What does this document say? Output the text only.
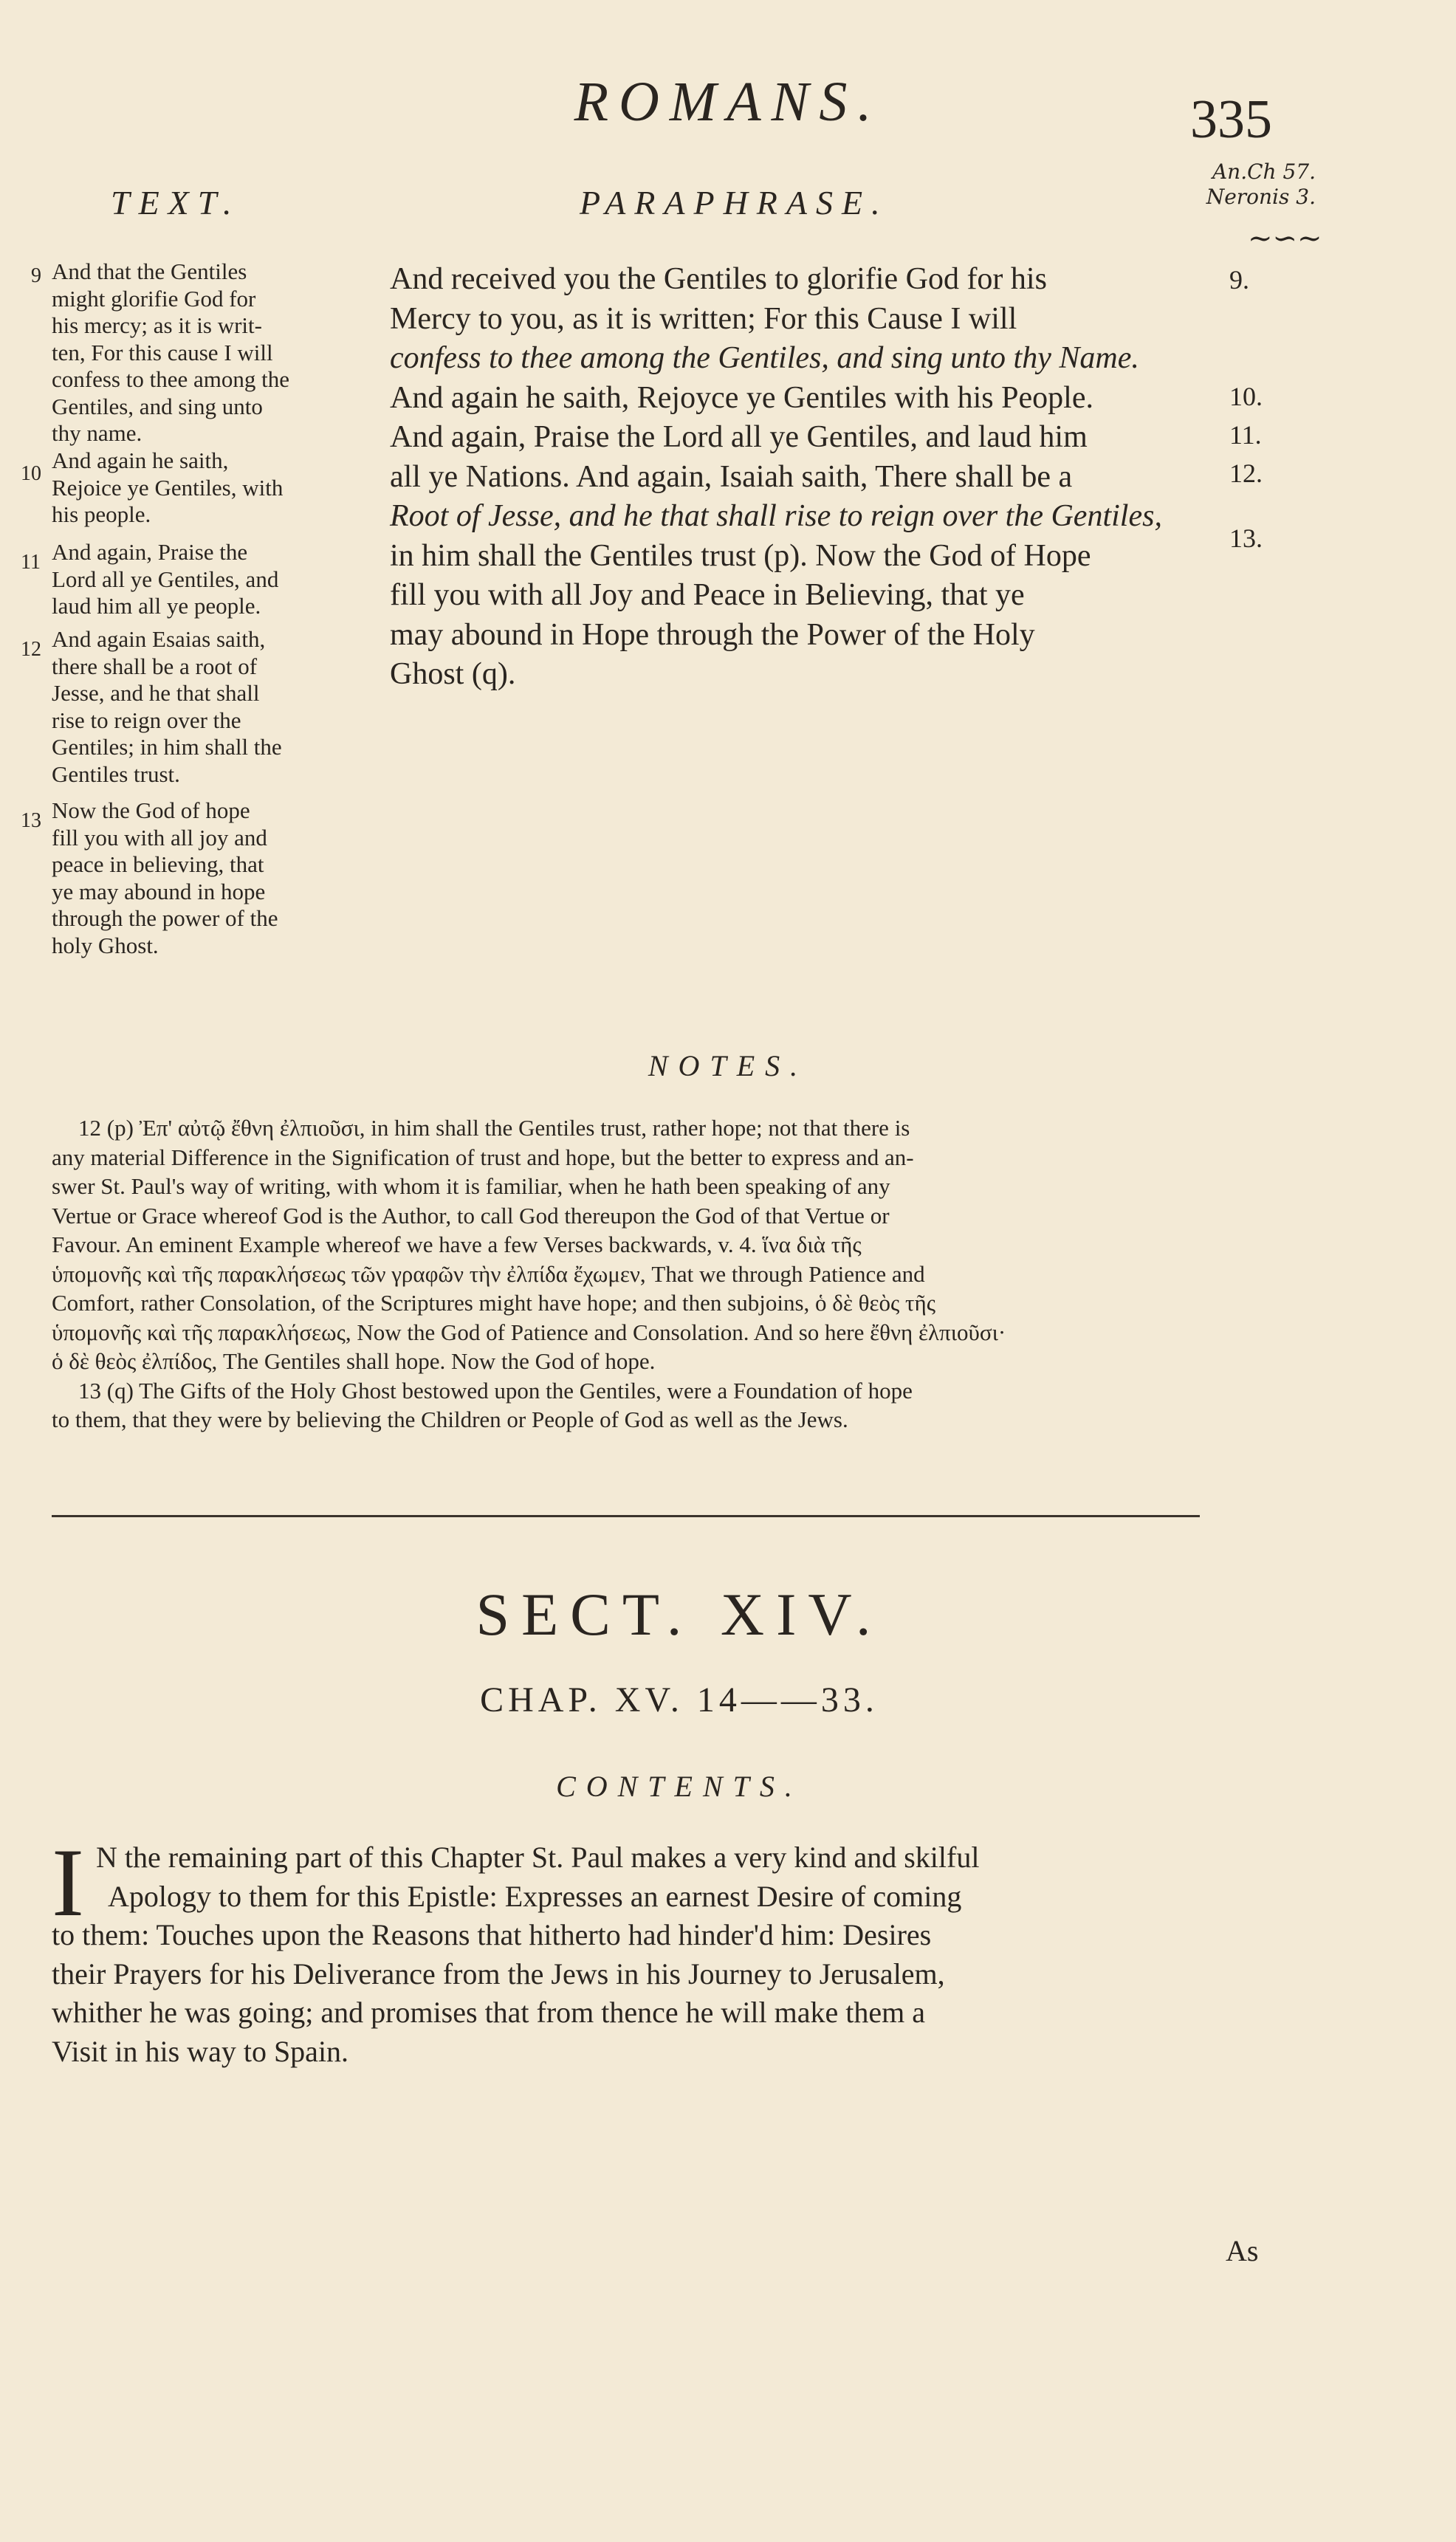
ROMANS.	335
An.Ch 57.
Neronis 3.
~∽~
TEXT.	PARAPHRASE.
9 And that the Gentiles
might glorifie God for
his mercy; as it is writ-
ten, For this cause I will
confess to thee among the
Gentiles, and sing unto
thy name.
10
And again he saith,
Rejoice ye Gentiles, with
his people.
11 And again, Praise the
Lord all ye Gentiles, and
laud him all ye people.
12 And again Esaias saith,
there shall be a root of
Jesse, and he that shall
rise to reign over the
Gentiles; in him shall the
Gentiles trust.
13 Now the God of hope
fill you with all joy and
peace in believing, that
ye may abound in hope
through the power of the
holy Ghost.
And received you the Gentiles to glorifie God for his
Mercy to you, as it is written; For this Cause I will
confess to thee among the Gentiles, and sing unto thy Name.
And again he saith, Rejoyce ye Gentiles with his People.
And again, Praise the Lord all ye Gentiles, and laud him
all ye Nations. And again, Isaiah saith, There shall be a
Root of Jesse, and he that shall rise to reign over the Gentiles,
in him shall the Gentiles trust (p). Now the God of Hope
fill you with all Joy and Peace in Believing, that ye
may abound in Hope through the Power of the Holy
Ghost (q).
9.
10.
11.
12.
13.
NOTES.
12 (p) Ἐπ' αὐτῷ ἔθνη ἐλπιοῦσι, in him shall the Gentiles trust, rather hope; not that there is
any material Difference in the Signification of trust and hope, but the better to express and an-
swer St. Paul's way of writing, with whom it is familiar, when he hath been speaking of any
Vertue or Grace whereof God is the Author, to call God thereupon the God of that Vertue or
Favour. An eminent Example whereof we have a few Verses backwards, v. 4. ἵνα διὰ τῆς
ὑπομονῆς καὶ τῆς παρακλήσεως τῶν γραφῶν τὴν ἐλπίδα ἔχωμεν, That we through Patience and
Comfort, rather Consolation, of the Scriptures might have hope; and then subjoins, ὁ δὲ θεὸς τῆς
ὑπομονῆς καὶ τῆς παρακλήσεως, Now the God of Patience and Consolation. And so here ἔθνη ἐλπιοῦσι·
ὁ δὲ θεὸς ἐλπίδος, The Gentiles shall hope. Now the God of hope.
13 (q) The Gifts of the Holy Ghost bestowed upon the Gentiles, were a Foundation of hope
to them, that they were by believing the Children or People of God as well as the Jews.
SECT. XIV.
CHAP. XV. 14——33.
CONTENTS.
I N the remaining part of this Chapter St. Paul makes a very kind and skilful
Apology to them for this Epistle: Expresses an earnest Desire of coming
to them: Touches upon the Reasons that hitherto had hinder'd him: Desires
their Prayers for his Deliverance from the Jews in his Journey to Jerusalem,
whither he was going; and promises that from thence he will make them a
Visit in his way to Spain.
As
